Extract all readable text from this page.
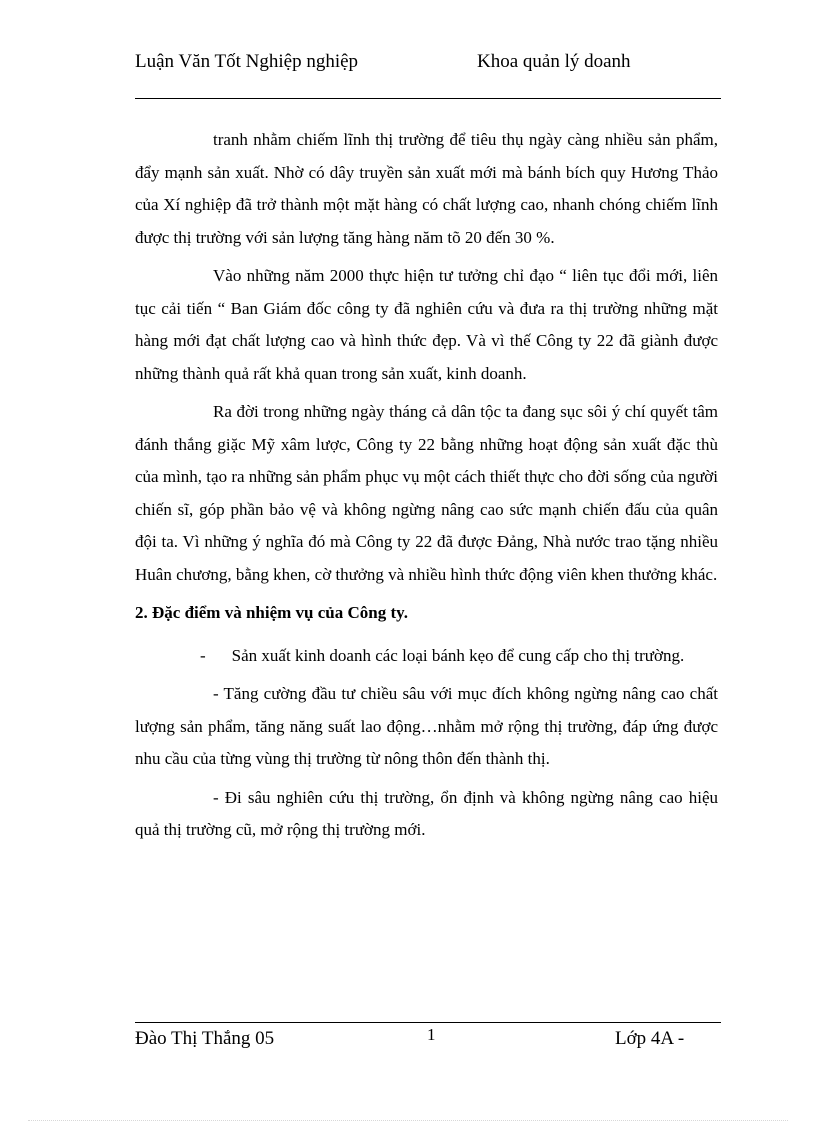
Luận Văn Tốt Nghiệp nghiệp	Khoa quản lý doanh

tranh nhằm chiếm lĩnh thị trường để tiêu thụ ngày càng nhiều sản phẩm, đẩy mạnh sản xuất. Nhờ có dây truyền sản xuất mới mà bánh bích quy Hương Thảo của Xí nghiệp đã trở thành một mặt hàng có chất lượng cao, nhanh chóng chiếm lĩnh được thị trường với sản lượng tăng hàng năm tõ 20 đến 30 %.

Vào những năm 2000 thực hiện tư tưởng chỉ đạo “ liên tục đổi mới, liên tục cải tiến “ Ban Giám đốc công ty đã nghiên cứu và đưa ra thị trường những mặt hàng mới đạt chất lượng cao và hình thức đẹp. Và vì thế Công ty 22 đã giành được những thành quả rất khả quan trong sản xuất, kinh doanh.

Ra đời trong những ngày tháng cả dân tộc ta đang sục sôi ý chí quyết tâm đánh thắng giặc Mỹ xâm lược, Công ty 22 bằng những hoạt động sản xuất đặc thù của mình, tạo ra những sản phẩm phục vụ một cách thiết thực cho đời sống của người chiến sĩ, góp phần bảo vệ và không ngừng nâng cao sức mạnh chiến đấu của quân đội ta. Vì những ý nghĩa đó mà Công ty 22 đã được Đảng, Nhà nước trao tặng nhiều Huân chương, bằng khen, cờ thưởng và nhiều hình thức động viên khen thưởng khác.

2. Đặc điểm và nhiệm vụ của Công ty.

- Sản xuất kinh doanh các loại bánh kẹo để cung cấp cho thị trường.

- Tăng cường đầu tư chiều sâu với mục đích không ngừng nâng cao chất lượng sản phẩm, tăng năng suất lao động…nhằm mở rộng thị trường, đáp ứng được nhu cầu của từng vùng thị trường từ nông thôn đến thành thị.

- Đi sâu nghiên cứu thị trường, ổn định và không ngừng nâng cao hiệu quả thị trường cũ, mở rộng thị trường mới.

Đào Thị Thắng 05	1	Lớp 4A -
